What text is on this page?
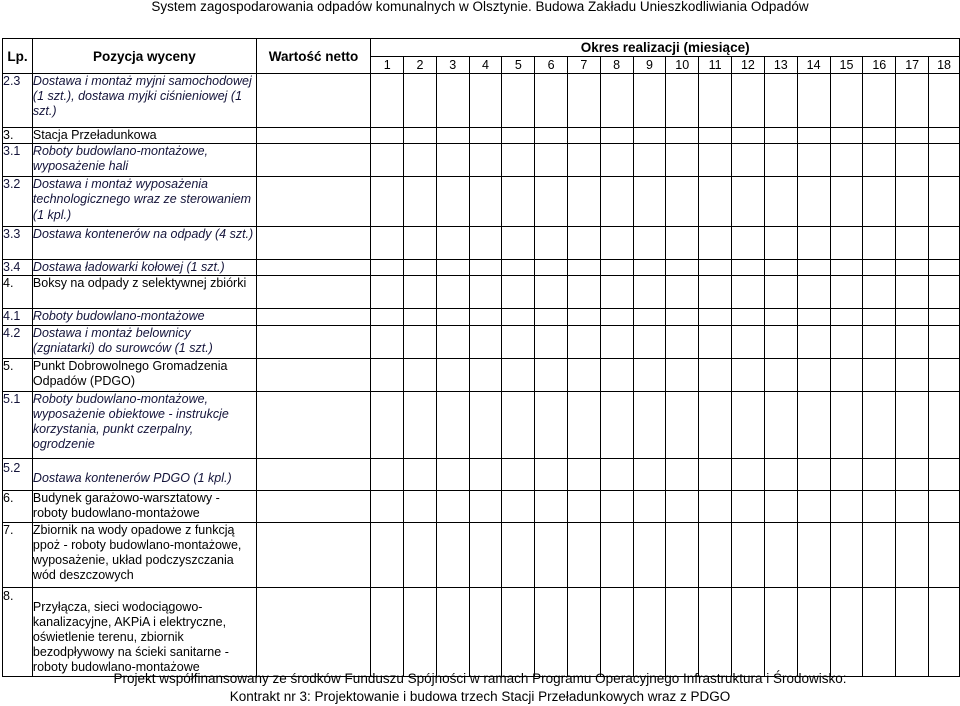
System zagospodarowania odpadów komunalnych w Olsztynie. Budowa Zakładu Unieszkodliwiania Odpadów
Lp.	Pozycja wyceny	Wartość netto	Okres realizacji (miesiące)																	
			1	2	3	4	5	6	7	8	9	10	11	12	13	14	15	16	17	18
2.3	Dostawa i montaż myjni samochodowej (1 szt.), dostawa myjki ciśnieniowej (1 szt.)																			
3.	Stacja Przeładunkowa																			
3.1	Roboty budowlano-montażowe, wyposażenie hali																			
3.2	Dostawa i montaż wyposażenia technologicznego wraz ze sterowaniem (1 kpl.)																			
3.3	Dostawa kontenerów na odpady (4 szt.)																			
3.4	Dostawa ładowarki kołowej (1 szt.)																			
4.	Boksy na odpady z selektywnej zbiórki																			
4.1	Roboty budowlano-montażowe																			
4.2	Dostawa i montaż belownicy (zgniatarki) do surowców (1 szt.)																			
5.	Punkt Dobrowolnego Gromadzenia Odpadów (PDGO)																			
5.1	Roboty budowlano-montażowe, wyposażenie obiektowe - instrukcje korzystania, punkt czerpalny, ogrodzenie																			
5.2	Dostawa kontenerów PDGO (1 kpl.)																			
6.	Budynek garażowo-warsztatowy - roboty budowlano-montażowe																			
7.	Zbiornik na wody opadowe z funkcją ppoż - roboty budowlano-montażowe, wyposażenie, układ podczyszczania wód deszczowych																			
8.	Przyłącza, sieci wodociągowo-kanalizacyjne, AKPiA i elektryczne, oświetlenie terenu, zbiornik bezodpływowy na ścieki sanitarne - roboty budowlano-montażowe																			
Projekt współfinansowany ze środków Funduszu Spójności w ramach Programu Operacyjnego Infrastruktura i Środowisko:
Kontrakt nr 3: Projektowanie i budowa trzech Stacji Przeładunkowych wraz z PDGO
